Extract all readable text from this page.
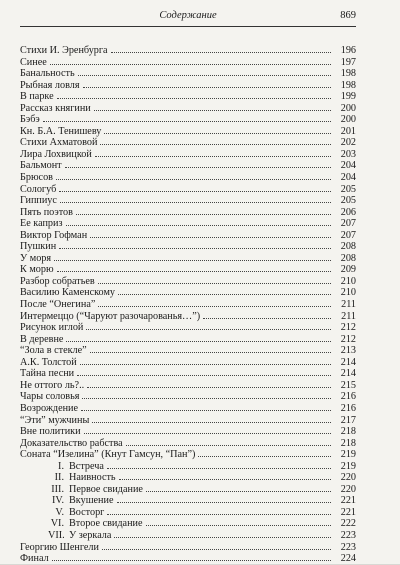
Содержание	869
Стихи И. Эренбурга	196
Синее	197
Банальность	198
Рыбная ловля	198
В парке	199
Рассказ княгини	200
Бэбэ	200
Кн. Б.А. Тенишеву	201
Стихи Ахматовой	202
Лира Лохвицкой	203
Бальмонт	204
Брюсов	204
Сологуб	205
Гиппиус	205
Пять поэтов	206
Ее каприз	207
Виктор Гофман	207
Пушкин	208
У моря	208
К морю	209
Разбор собратьев	210
Василию Каменскому	210
После “Онегина”	211
Интермеццо (“Чаруют разочарованья…”)	211
Рисунок иглой	212
В деревне	212
“Зола в стекле”	213
А.К. Толстой	214
Тайна песни	214
Не оттого ль?..	215
Чары соловья	216
Возрождение	216
“Эти” мужчины	217
Вне политики	218
Доказательство рабства	218
Соната “Изелина” (Кнут Гамсун, “Пан”)	219
I. Встреча	219
II. Наивность	220
III. Первое свидание	220
IV. Вкушение	221
V. Восторг	221
VI. Второе свидание	222
VII. У зеркала	223
Георгию Шенгели	223
Финал	224
